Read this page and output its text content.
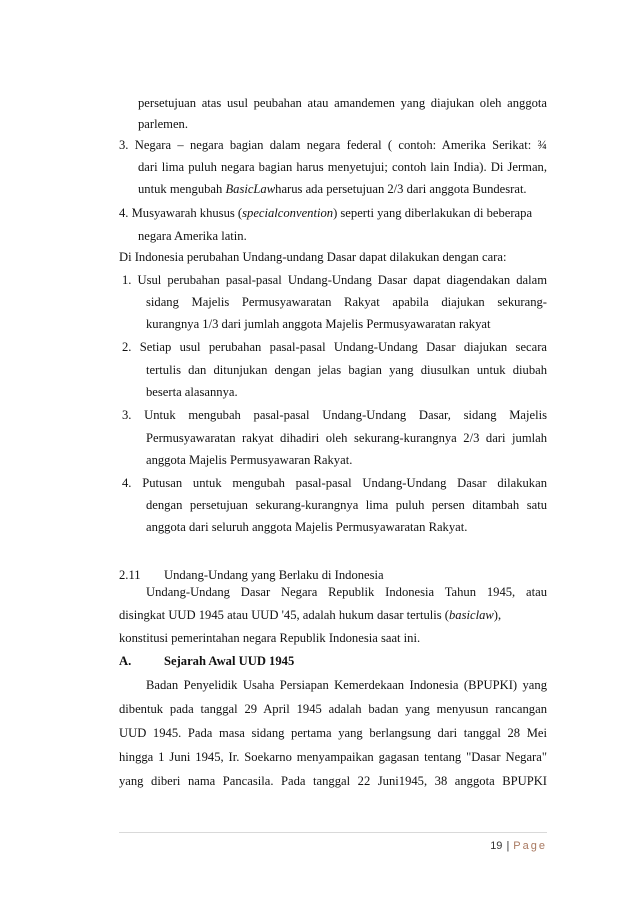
persetujuan atas usul peubahan atau amandemen yang diajukan oleh anggota
parlemen.
3. Negara – negara bagian dalam negara federal ( contoh: Amerika Serikat: ¾
dari lima puluh negara bagian harus menyetujui; contoh lain India). Di Jerman,
untuk mengubah BasicLawharus ada persetujuan 2/3 dari anggota Bundesrat.
4. Musyawarah khusus (specialconvention) seperti yang diberlakukan di beberapa
negara Amerika latin.
Di Indonesia perubahan Undang-undang Dasar dapat dilakukan dengan cara:
1. Usul perubahan pasal-pasal Undang-Undang Dasar dapat diagendakan dalam
sidang Majelis Permusyawaratan Rakyat apabila diajukan sekurang-
kurangnya 1/3 dari jumlah anggota Majelis Permusyawaratan rakyat
2. Setiap usul perubahan pasal-pasal Undang-Undang Dasar diajukan secara
tertulis dan ditunjukan dengan jelas bagian yang diusulkan untuk diubah
beserta alasannya.
3. Untuk mengubah pasal-pasal Undang-Undang Dasar, sidang Majelis
Permusyawaratan rakyat dihadiri oleh sekurang-kurangnya 2/3 dari jumlah
anggota Majelis Permusyawaran Rakyat.
4. Putusan untuk mengubah pasal-pasal Undang-Undang Dasar dilakukan
dengan persetujuan sekurang-kurangnya lima puluh persen ditambah satu
anggota dari seluruh anggota Majelis Permusyawaratan Rakyat.
2.11 Undang-Undang yang Berlaku di Indonesia
Undang-Undang Dasar Negara Republik Indonesia Tahun 1945, atau
disingkat UUD 1945 atau UUD '45, adalah hukum dasar tertulis (basiclaw),
konstitusi pemerintahan negara Republik Indonesia saat ini.
A.	Sejarah Awal UUD 1945
Badan Penyelidik Usaha Persiapan Kemerdekaan Indonesia (BPUPKI) yang
dibentuk pada tanggal 29 April 1945 adalah badan yang menyusun rancangan
UUD 1945. Pada masa sidang pertama yang berlangsung dari tanggal 28 Mei
hingga 1 Juni 1945, Ir. Soekarno menyampaikan gagasan tentang "Dasar Negara"
yang diberi nama Pancasila. Pada tanggal 22 Juni1945, 38 anggota BPUPKI
19 | Page
